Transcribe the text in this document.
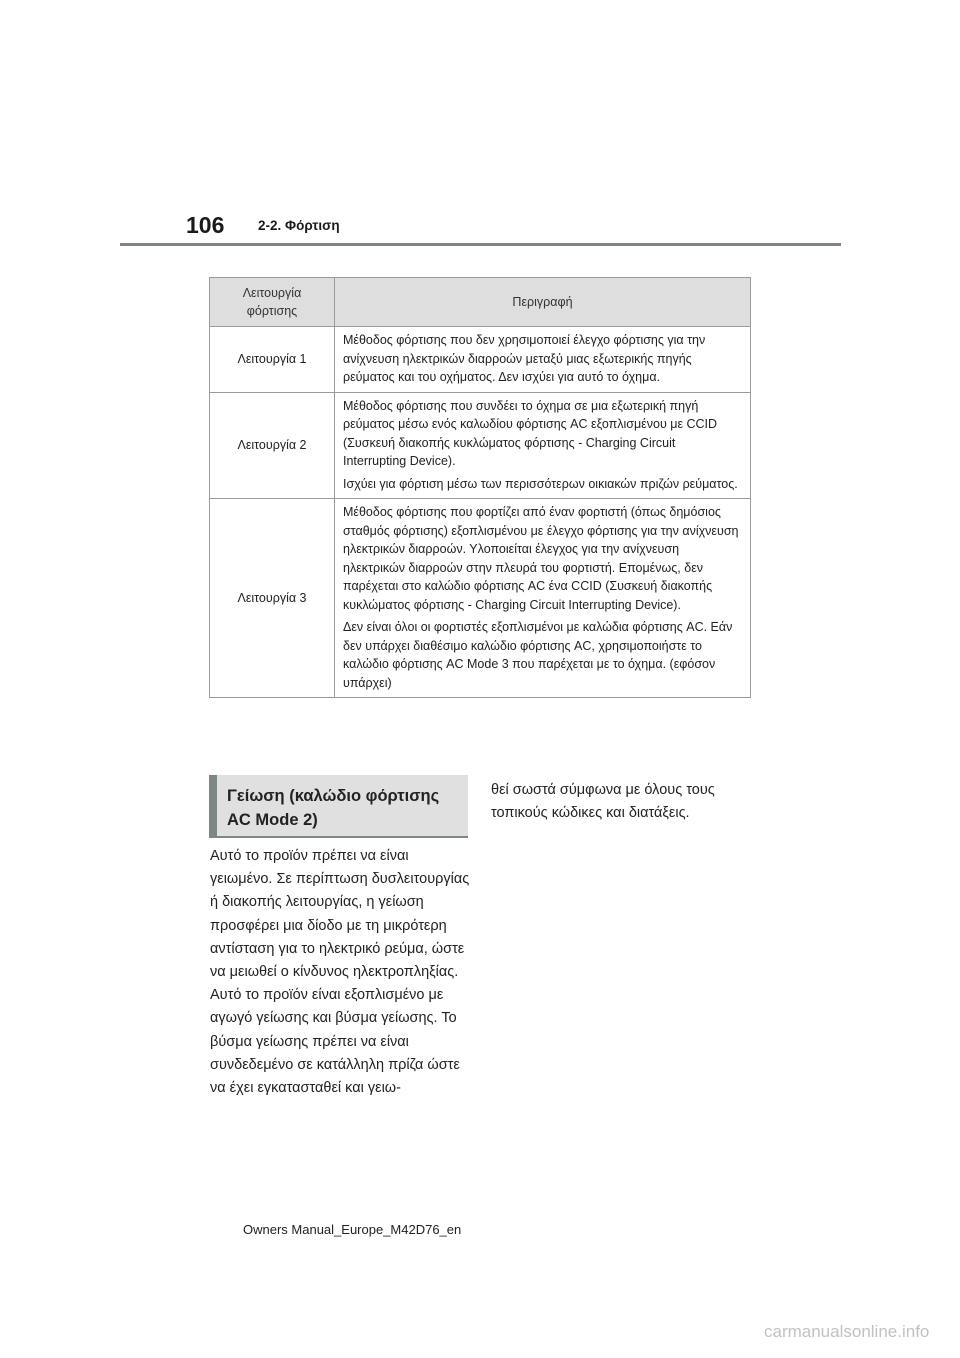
106 2-2. Φόρτιση
Λειτουργία φόρτισης	Περιγραφή
Λειτουργία 1	Μέθοδος φόρτισης που δεν χρησιμοποιεί έλεγχο φόρτισης για την ανίχνευση ηλεκτρικών διαρροών μεταξύ μιας εξωτερικής πηγής ρεύματος και του οχήματος. Δεν ισχύει για αυτό το όχημα.

Λειτουργία 2	Μέθοδος φόρτισης που συνδέει το όχημα σε μια εξωτερική πηγή ρεύματος μέσω ενός καλωδίου φόρτισης AC εξοπλισμένου με CCID (Συσκευή διακοπής κυκλώματος φόρτισης - Charging Circuit Interrupting Device).

Ισχύει για φόρτιση μέσω των περισσότερων οικιακών πριζών ρεύματος.

Λειτουργία 3	Μέθοδος φόρτισης που φορτίζει από έναν φορτιστή (όπως δημόσιος σταθμός φόρτισης) εξοπλισμένου με έλεγχο φόρτισης για την ανίχνευση ηλεκτρικών διαρροών. Υλοποιείται έλεγχος για την ανίχνευση ηλεκτρικών διαρροών στην πλευρά του φορτιστή. Επομένως, δεν παρέχεται στο καλώδιο φόρτισης AC ένα CCID (Συσκευή διακοπής κυκλώματος φόρτισης - Charging Circuit Interrupting Device).

Δεν είναι όλοι οι φορτιστές εξοπλισμένοι με καλώδια φόρτισης AC. Εάν δεν υπάρχει διαθέσιμο καλώδιο φόρτισης AC, χρησιμοποιήστε το καλώδιο φόρτισης AC Mode 3 που παρέχεται με το όχημα. (εφόσον υπάρχει)

Γείωση (καλώδιο φόρτισης AC Mode 2)
Αυτό το προϊόν πρέπει να είναι γειωμένο. Σε περίπτωση δυσλειτουργίας ή διακοπής λειτουργίας, η γείωση προσφέρει μια δίοδο με τη μικρότερη αντίσταση για το ηλεκτρικό ρεύμα, ώστε να μειωθεί ο κίνδυνος ηλεκτροπληξίας. Αυτό το προϊόν είναι εξοπλισμένο με αγωγό γείωσης και βύσμα γείωσης. Το βύσμα γείωσης πρέπει να είναι συνδεδεμένο σε κατάλληλη πρίζα ώστε να έχει εγκατασταθεί και γειω-
θεί σωστά σύμφωνα με όλους τους τοπικούς κώδικες και διατάξεις.
Owners Manual_Europe_M42D76_en
carmanualsonline.info
